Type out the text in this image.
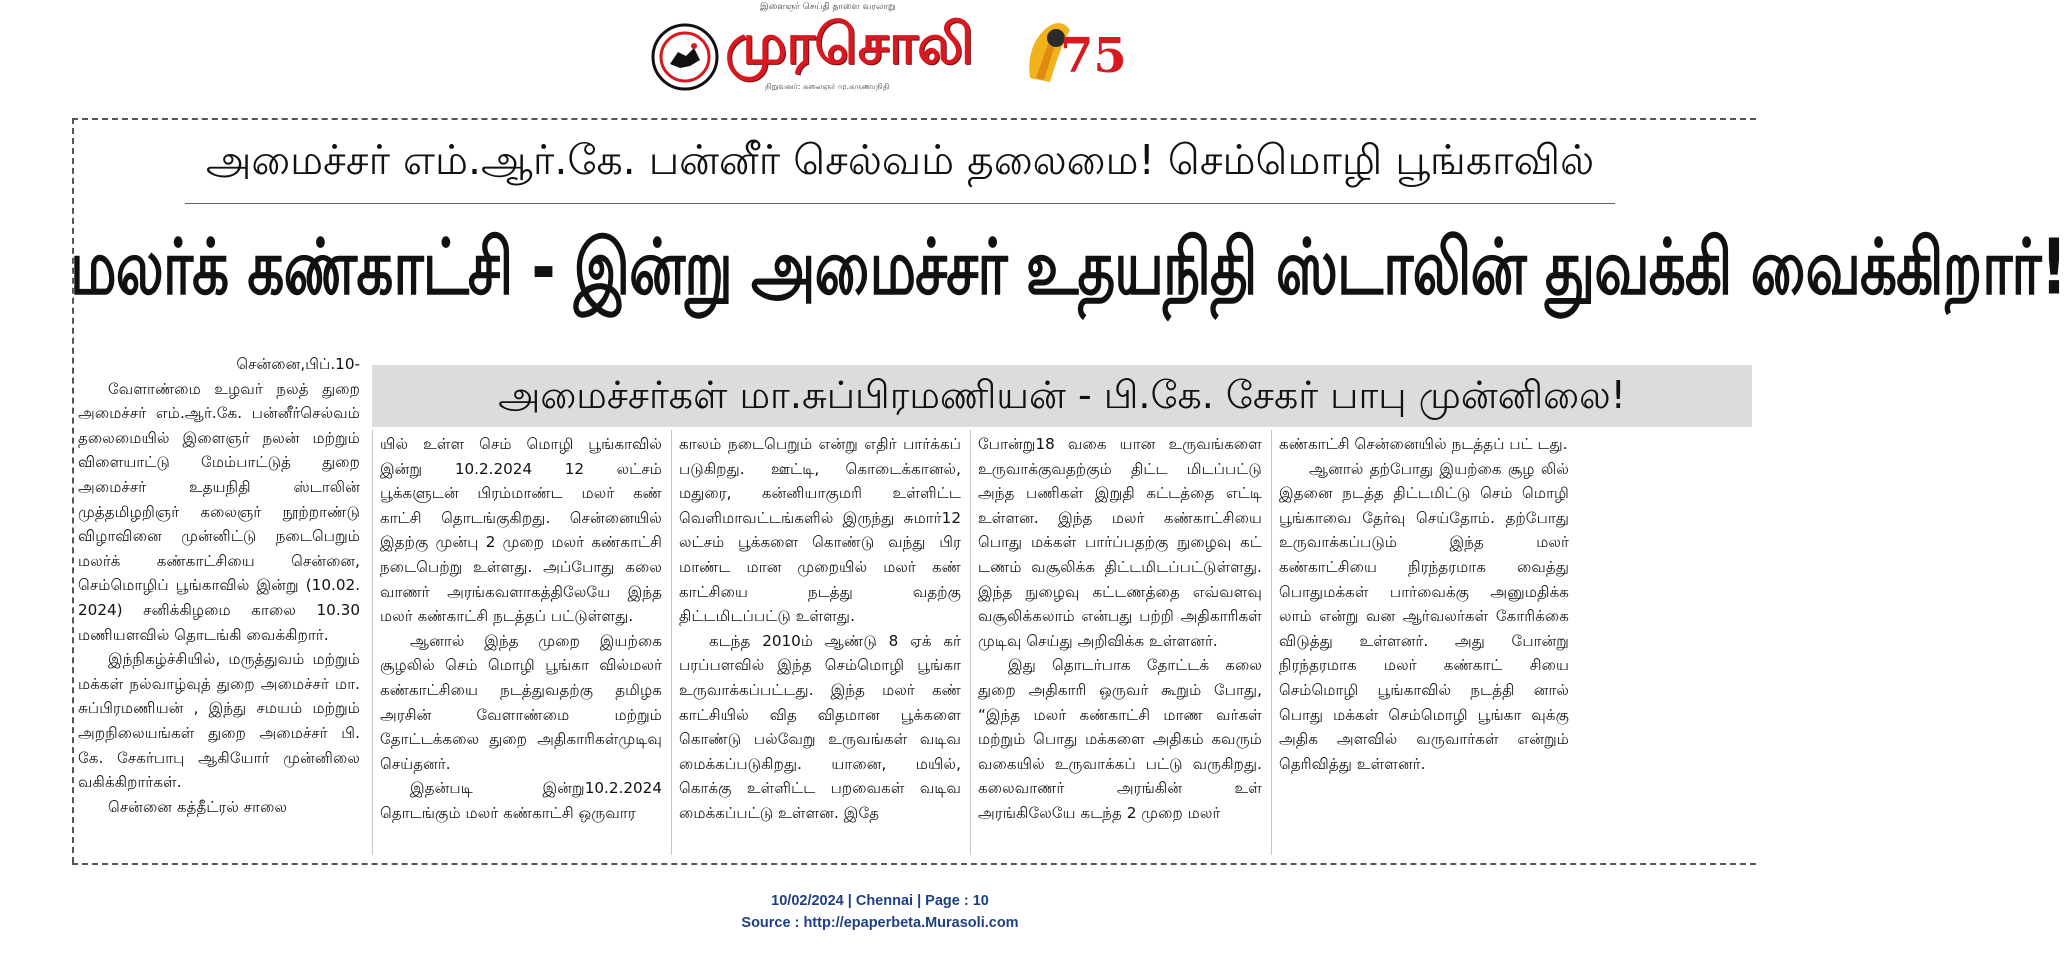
இளைஞர் செய்தி தாளை வரலாறு
முரசொலி
நிறுவனர்: கலைஞர் மு.கருணாநிதி
75
அமைச்சர் எம்.ஆர்.கே. பன்னீர் செல்வம் தலைமை! செம்மொழி பூங்காவில்
மலர்க் கண்காட்சி - இன்று அமைச்சர் உதயநிதி ஸ்டாலின் துவக்கி வைக்கிறார்!
அமைச்சர்கள் மா.சுப்பிரமணியன் - பி.கே. சேகர் பாபு முன்னிலை!

சென்னை,பிப்.10-

வேளாண்மை உழவர் நலத் துறை அமைச்சர் எம்.ஆர்.கே. பன்னீர்செல்வம் தலைமையில் இளைஞர் நலன் மற்றும் விளையாட்டு மேம்பாட்டுத் துறை அமைச்சர் உதயநிதி ஸ்டாலின் முத்தமிழறிஞர் கலைஞர் நூற்றாண்டு விழாவினை முன்னிட்டு நடைபெறும் மலர்க் கண்காட்சியை சென்னை, செம்மொழிப் பூங்காவில் இன்று (10.02. 2024) சனிக்கிழமை காலை 10.30 மணியளவில் தொடங்கி வைக்கிறார்.

இந்நிகழ்ச்சியில், மருத்துவம் மற்றும் மக்கள் நல்வாழ்வுத் துறை அமைச்சர் மா. சுப்பிரமணியன் , இந்து சமயம் மற்றும் அறநிலையங்கள் துறை அமைச்சர் பி. கே. சேகர்பாபு ஆகியோர் முன்னிலை வகிக்கிறார்கள்.

சென்னை கத்தீட்ரல் சாலை

யில் உள்ள செம் மொழி பூங்காவில் இன்று 10.2.2024 12 லட்சம் பூக்களுடன் பிரம்மாண்ட மலர் கண் காட்சி தொடங்குகிறது. சென்னையில் இதற்கு முன்பு 2 முறை மலர் கண்காட்சி நடைபெற்று உள்ளது. அப்போது கலை வாணர் அரங்கவளாகத்திலேயே இந்த மலர் கண்காட்சி நடத்தப் பட்டுள்ளது.

ஆனால் இந்த முறை இயற்கை சூழலில் செம் மொழி பூங்கா வில்மலர் கண்காட்சியை நடத்துவதற்கு தமிழக அரசின் வேளாண்மை மற்றும் தோட்டக்கலை துறை அதிகாரிகள்முடிவு செய்தனர்.

இதன்படி இன்று10.2.2024 தொடங்கும் மலர் கண்காட்சி ஒருவார

காலம் நடைபெறும் என்று எதிர் பார்க்கப் படுகிறது. ஊட்டி, கொடைக்கானல், மதுரை, கன்னியாகுமரி உள்ளிட்ட வெளிமாவட்டங்களில் இருந்து சுமார்12 லட்சம் பூக்களை கொண்டு வந்து பிர மாண்ட மான முறையில் மலர் கண் காட்சியை நடத்து வதற்கு திட்டமிடப்பட்டு உள்ளது.

கடந்த 2010ம் ஆண்டு 8 ஏக் கர் பரப்பளவில் இந்த செம்மொழி பூங்கா உருவாக்கப்பட்டது. இந்த மலர் கண் காட்சியில் வித விதமான பூக்களை கொண்டு பல்வேறு உருவங்கள் வடிவ மைக்கப்படுகிறது. யானை, மயில், கொக்கு உள்ளிட்ட பறவைகள் வடிவ மைக்கப்பட்டு உள்ளன. இதே

போன்று18 வகை யான உருவங்களை உருவாக்குவதற்கும் திட்ட மிடப்பட்டு அந்த பணிகள் இறுதி கட்டத்தை எட்டி உள்ளன. இந்த மலர் கண்காட்சியை பொது மக்கள் பார்ப்பதற்கு நுழைவு கட் டணம் வசூலிக்க திட்டமிடப்பட்டுள்ளது. இந்த நுழைவு கட்டணத்தை எவ்வளவு வசூலிக்கலாம் என்பது பற்றி அதிகாரிகள் முடிவு செய்து அறிவிக்க உள்ளனர்.

இது தொடர்பாக தோட்டக் கலை துறை அதிகாரி ஒருவர் கூறும் போது, “இந்த மலர் கண்காட்சி மாண வர்கள் மற்றும் பொது மக்களை அதிகம் கவரும் வகையில் உருவாக்கப் பட்டு வருகிறது. கலைவாணர் அரங்கின் உள் அரங்கிலேயே கடந்த 2 முறை மலர்

கண்காட்சி சென்னையில் நடத்தப் பட் டது.

ஆனால் தற்போது இயற்கை சூழ லில் இதனை நடத்த திட்டமிட்டு செம் மொழி பூங்காவை தேர்வு செய்தோம். தற்போது உருவாக்கப்படும் இந்த மலர் கண்காட்சியை நிரந்தரமாக வைத்து பொதுமக்கள் பார்வைக்கு அனுமதிக்க லாம் என்று வன ஆர்வலர்கள் கோரிக்கை விடுத்து உள்ளனர். அது போன்று நிரந்தரமாக மலர் கண்காட் சியை செம்மொழி பூங்காவில் நடத்தி னால் பொது மக்கள் செம்மொழி பூங்கா வுக்கு அதிக அளவில் வருவார்கள் என்றும் தெரிவித்து உள்ளனர்.

10/02/2024 | Chennai | Page : 10
Source : http://epaperbeta.Murasoli.com
